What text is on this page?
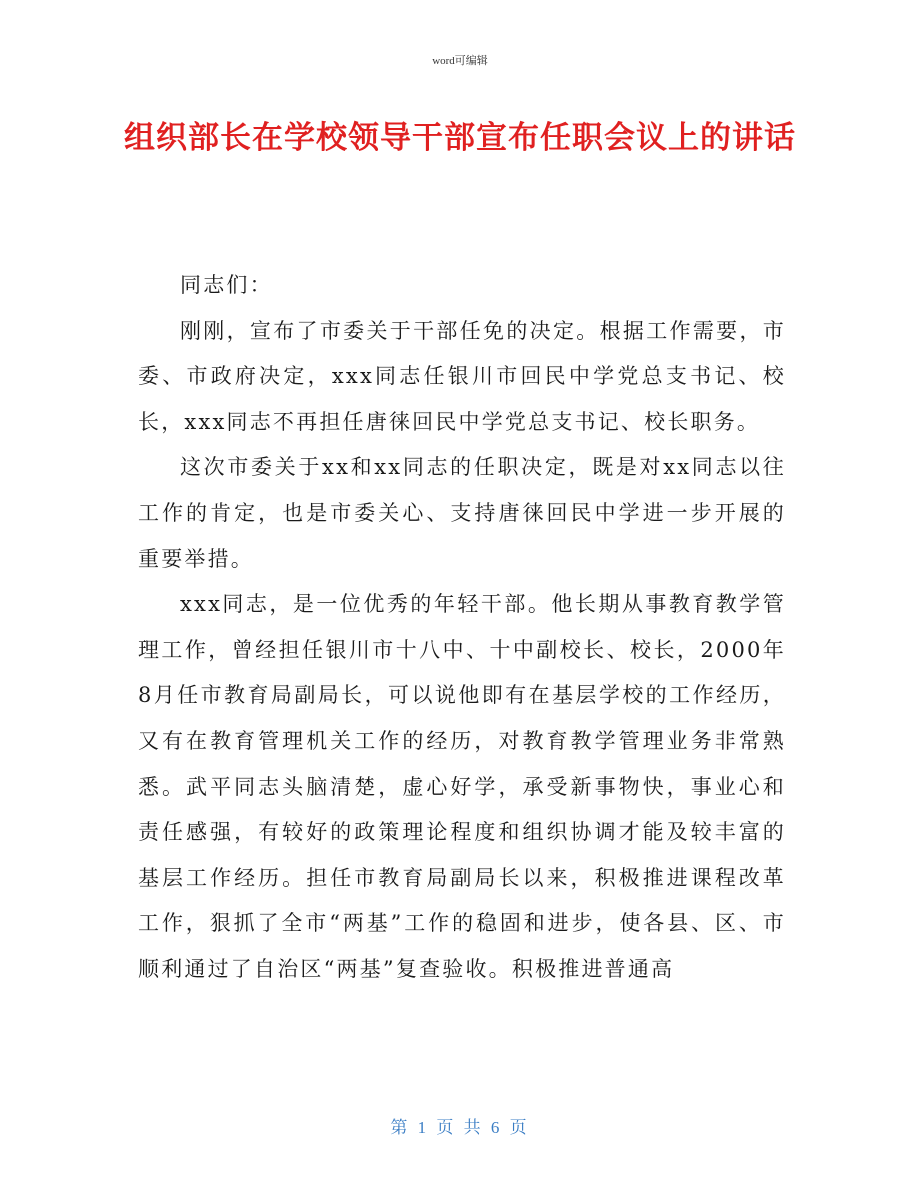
word可编辑
组织部长在学校领导干部宣布任职会议上的讲话

同志们：

刚刚，宣布了市委关于干部任免的决定。根据工作需要，市委、市政府决定，xxx同志任银川市回民中学党总支书记、校长，xxx同志不再担任唐徕回民中学党总支书记、校长职务。

这次市委关于xx和xx同志的任职决定，既是对xx同志以往工作的肯定，也是市委关心、支持唐徕回民中学进一步开展的重要举措。

xxx同志，是一位优秀的年轻干部。他长期从事教育教学管理工作，曾经担任银川市十八中、十中副校长、校长，2000年8月任市教育局副局长，可以说他即有在基层学校的工作经历，又有在教育管理机关工作的经历，对教育教学管理业务非常熟悉。武平同志头脑清楚，虚心好学，承受新事物快，事业心和责任感强，有较好的政策理论程度和组织协调才能及较丰富的基层工作经历。担任市教育局副局长以来，积极推进课程改革工作，狠抓了全市“两基”工作的稳固和进步，使各县、区、市顺利通过了自治区“两基”复查验收。积极推进普通高

第 1 页 共 6 页
